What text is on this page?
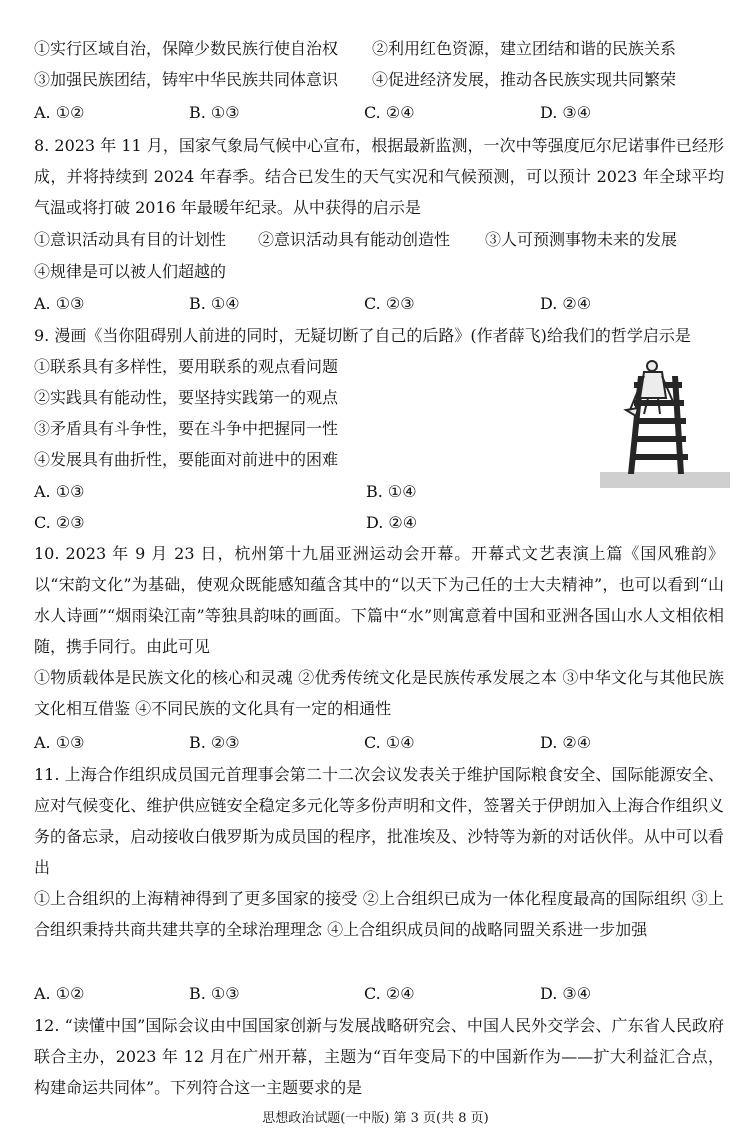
①实行区域自治，保障少数民族行使自治权 ②利用红色资源，建立团结和谐的民族关系
③加强民族团结，铸牢中华民族共同体意识 ④促进经济发展，推动各民族实现共同繁荣
A. ①②	B. ①③	C. ②④	D. ③④
8. 2023 年 11 月，国家气象局气候中心宣布，根据最新监测，一次中等强度厄尔尼诺事件已经形成，并将持续到 2024 年春季。结合已发生的天气实况和气候预测，可以预计 2023 年全球平均气温或将打破 2016 年最暖年纪录。从中获得的启示是
①意识活动具有目的计划性 ②意识活动具有能动创造性 ③人可预测事物未来的发展
④规律是可以被人们超越的
A. ①③	B. ①④	C. ②③	D. ②④
9. 漫画《当你阻碍别人前进的同时，无疑切断了自己的后路》(作者薛飞)给我们的哲学启示是
①联系具有多样性，要用联系的观点看问题
②实践具有能动性，要坚持实践第一的观点
③矛盾具有斗争性，要在斗争中把握同一性
④发展具有曲折性，要能面对前进中的困难
A. ①③	B. ①④
C. ②③	D. ②④
10. 2023 年 9 月 23 日，杭州第十九届亚洲运动会开幕。开幕式文艺表演上篇《国风雅韵》以“宋韵文化”为基础，使观众既能感知蕴含其中的“以天下为己任的士大夫精神”，也可以看到“山水人诗画”“烟雨染江南”等独具韵味的画面。下篇中“水”则寓意着中国和亚洲各国山水人文相依相随，携手同行。由此可见
①物质载体是民族文化的核心和灵魂 ②优秀传统文化是民族传承发展之本 ③中华文化与其他民族文化相互借鉴 ④不同民族的文化具有一定的相通性
A. ①③	B. ②③	C. ①④	D. ②④
11. 上海合作组织成员国元首理事会第二十二次会议发表关于维护国际粮食安全、国际能源安全、应对气候变化、维护供应链安全稳定多元化等多份声明和文件，签署关于伊朗加入上海合作组织义务的备忘录，启动接收白俄罗斯为成员国的程序，批准埃及、沙特等为新的对话伙伴。从中可以看出
①上合组织的上海精神得到了更多国家的接受 ②上合组织已成为一体化程度最高的国际组织 ③上合组织秉持共商共建共享的全球治理理念 ④上合组织成员间的战略同盟关系进一步加强
A. ①②	B. ①③	C. ②④	D. ③④
12. “读懂中国”国际会议由中国国家创新与发展战略研究会、中国人民外交学会、广东省人民政府联合主办，2023 年 12 月在广州开幕，主题为“百年变局下的中国新作为——扩大利益汇合点，构建命运共同体”。下列符合这一主题要求的是
思想政治试题(一中版) 第 3 页(共 8 页)
